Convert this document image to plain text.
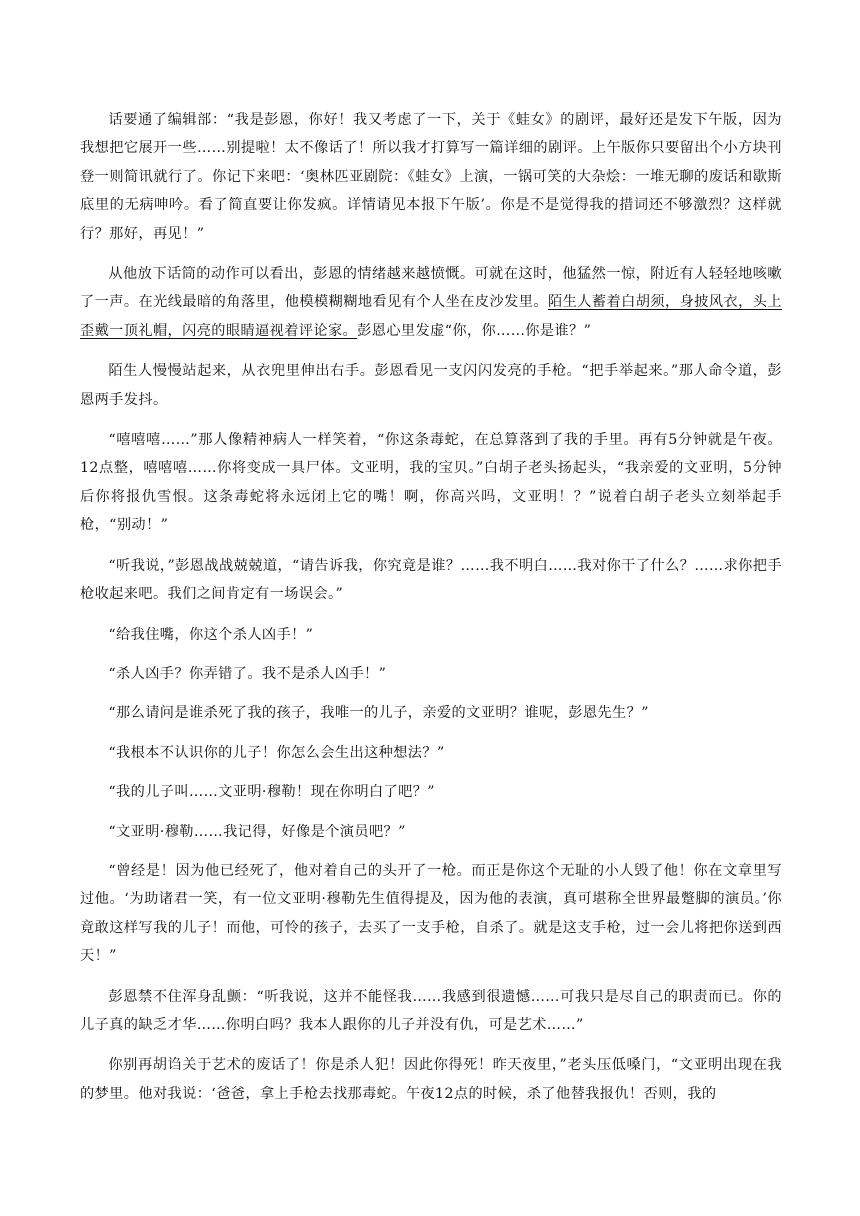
话要通了编辑部：“我是彭恩，你好！我又考虑了一下，关于《蛙女》的剧评，最好还是发下午版，因为我想把它展开一些……别提啦！太不像话了！所以我才打算写一篇详细的剧评。上午版你只要留出个小方块刊登一则简讯就行了。你记下来吧：‘奥林匹亚剧院：《蛙女》上演，一锅可笑的大杂烩：一堆无聊的废话和歇斯底里的无病呻吟。看了简直要让你发疯。详情请见本报下午版’。你是不是觉得我的措词还不够激烈？这样就行？那好，再见！”

从他放下话筒的动作可以看出，彭恩的情绪越来越愤慨。可就在这时，他猛然一惊，附近有人轻轻地咳嗽了一声。在光线最暗的角落里，他模模糊糊地看见有个人坐在皮沙发里。陌生人蓄着白胡须，身披风衣，头上歪戴一顶礼帽，闪亮的眼睛逼视着评论家。彭恩心里发虚“你，你……你是谁？”

陌生人慢慢站起来，从衣兜里伸出右手。彭恩看见一支闪闪发亮的手枪。“把手举起来。”那人命令道，彭恩两手发抖。

“嘻嘻嘻……”那人像精神病人一样笑着，“你这条毒蛇，在总算落到了我的手里。再有5分钟就是午夜。12点整，嘻嘻嘻……你将变成一具尸体。文亚明，我的宝贝。”白胡子老头扬起头，“我亲爱的文亚明，5分钟后你将报仇雪恨。这条毒蛇将永远闭上它的嘴！啊，你高兴吗，文亚明！？”说着白胡子老头立刻举起手枪，“别动！”

“听我说，”彭恩战战兢兢道，“请告诉我，你究竟是谁？……我不明白……我对你干了什么？……求你把手枪收起来吧。我们之间肯定有一场误会。”

“给我住嘴，你这个杀人凶手！”

“杀人凶手？你弄错了。我不是杀人凶手！”

“那么请问是谁杀死了我的孩子，我唯一的儿子，亲爱的文亚明？谁呢，彭恩先生？”

“我根本不认识你的儿子！你怎么会生出这种想法？”

“我的儿子叫……文亚明·穆勒！现在你明白了吧？”

“文亚明·穆勒……我记得，好像是个演员吧？”

“曾经是！因为他已经死了，他对着自己的头开了一枪。而正是你这个无耻的小人毁了他！你在文章里写过他。‘为助诸君一笑，有一位文亚明·穆勒先生值得提及，因为他的表演，真可堪称全世界最蹩脚的演员。’你竟敢这样写我的儿子！而他，可怜的孩子，去买了一支手枪，自杀了。就是这支手枪，过一会儿将把你送到西天！”

彭恩禁不住浑身乱颤：“听我说，这并不能怪我……我感到很遗憾……可我只是尽自己的职责而已。你的儿子真的缺乏才华……你明白吗？我本人跟你的儿子并没有仇，可是艺术……”

你别再胡诌关于艺术的废话了！你是杀人犯！因此你得死！昨天夜里，”老头压低嗓门，“文亚明出现在我的梦里。他对我说：‘爸爸，拿上手枪去找那毒蛇。午夜12点的时候，杀了他替我报仇！否则，我的
